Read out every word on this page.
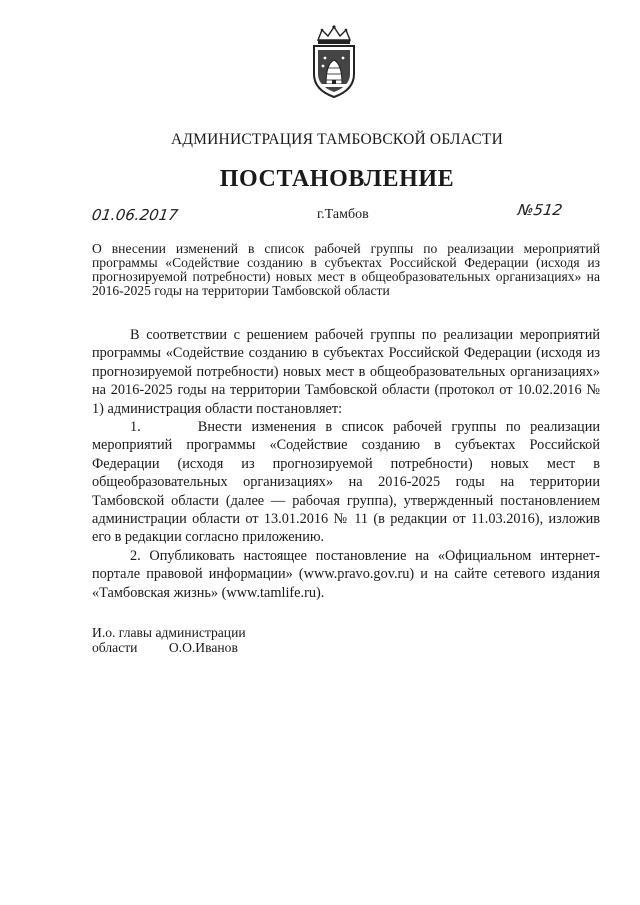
АДМИНИСТРАЦИЯ ТАМБОВСКОЙ ОБЛАСТИ
ПОСТАНОВЛЕНИЕ
01.06.2017	г.Тамбов	№512
О внесении изменений в список рабочей группы по реализации мероприятий программы «Содействие созданию в субъектах Российской Федерации (исходя из прогнозируемой потребности) новых мест в общеобразовательных организациях» на 2016-2025 годы на территории Тамбовской области

В соответствии с решением рабочей группы по реализации мероприятий программы «Содействие созданию в субъектах Российской Федерации (исходя из прогнозируемой потребности) новых мест в общеобразовательных организациях» на 2016-2025 годы на территории Тамбовской области (протокол от 10.02.2016 № 1) администрация области постановляет:

1.      Внести изменения в список рабочей группы по реализации мероприятий программы «Содействие созданию в субъектах Российской Федерации (исходя из прогнозируемой потребности) новых мест в общеобразовательных организациях» на 2016-2025 годы на территории Тамбовской области (далее — рабочая группа), утвержденный постановлением администрации области от 13.01.2016 № 11 (в редакции от 11.03.2016), изложив его в редакции согласно приложению.

2. Опубликовать настоящее постановление на «Официальном интернет-портале правовой информации» (www.pravo.gov.ru) и на сайте сетевого издания «Тамбовская жизнь» (www.tamlife.ru).

И.о. главы администрации
области О.О.Иванов
